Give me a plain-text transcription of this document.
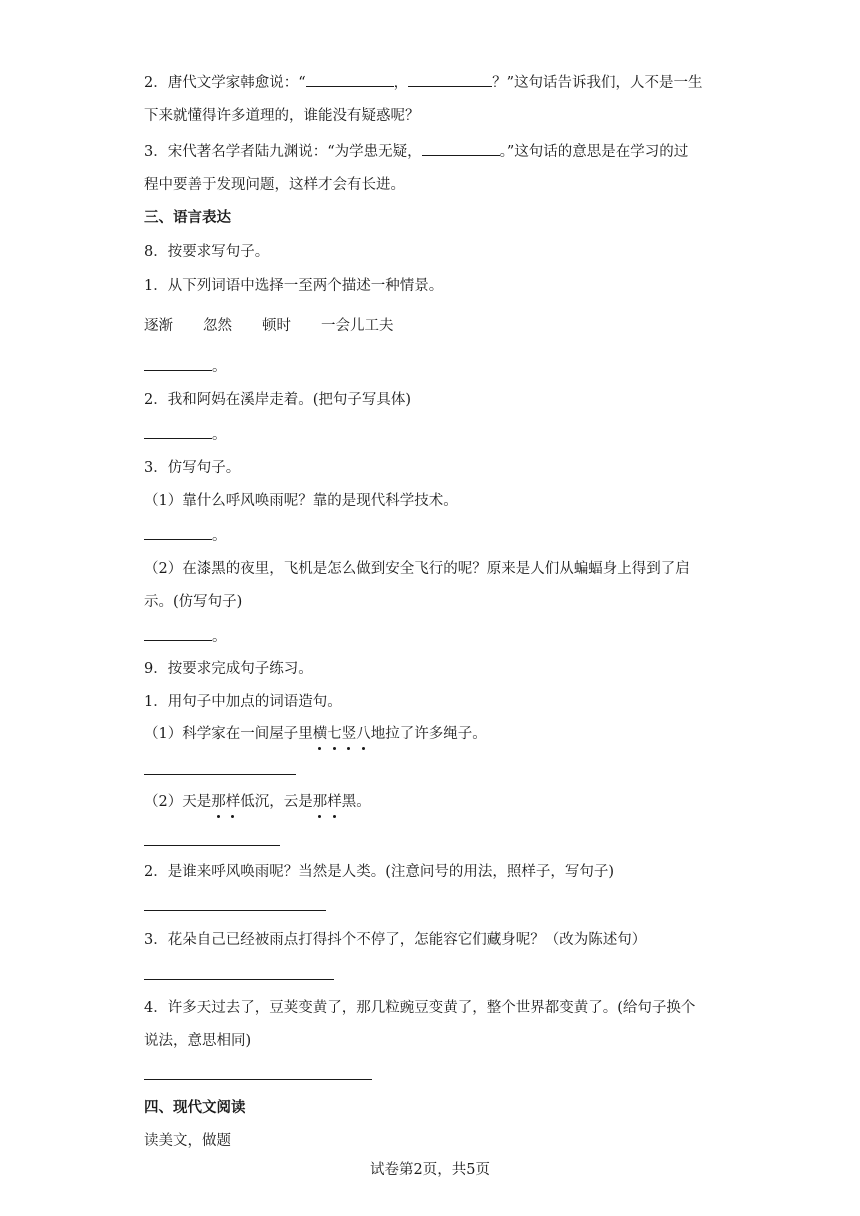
2．唐代文学家韩愈说：“	，	？”这句话告诉我们，人不是一生
下来就懂得许多道理的，谁能没有疑惑呢？
3．宋代著名学者陆九渊说：“为学患无疑，	。”这句话的意思是在学习的过
程中要善于发现问题，这样才会有长进。
三、语言表达
8．按要求写句子。
1．从下列词语中选择一至两个描述一种情景。
逐渐 忽然 顿时 一会儿工夫
。
2．我和阿妈在溪岸走着。(把句子写具体)
。
3．仿写句子。
（1）靠什么呼风唤雨呢？靠的是现代科学技术。
。
（2）在漆黑的夜里，飞机是怎么做到安全飞行的呢？原来是人们从蝙蝠身上得到了启
示。(仿写句子)
。
9．按要求完成句子练习。
1．用句子中加点的词语造句。
（1）科学家在一间屋子里横七竖八地拉了许多绳子。
（2）天是那样低沉，云是那样黑。
2．是谁来呼风唤雨呢？当然是人类。(注意问号的用法，照样子，写句子)
3．花朵自己已经被雨点打得抖个不停了，怎能容它们藏身呢？（改为陈述句）
4．许多天过去了，豆荚变黄了，那几粒豌豆变黄了，整个世界都变黄了。(给句子换个
说法，意思相同)
四、现代文阅读
读美文，做题
试卷第2页，共5页
